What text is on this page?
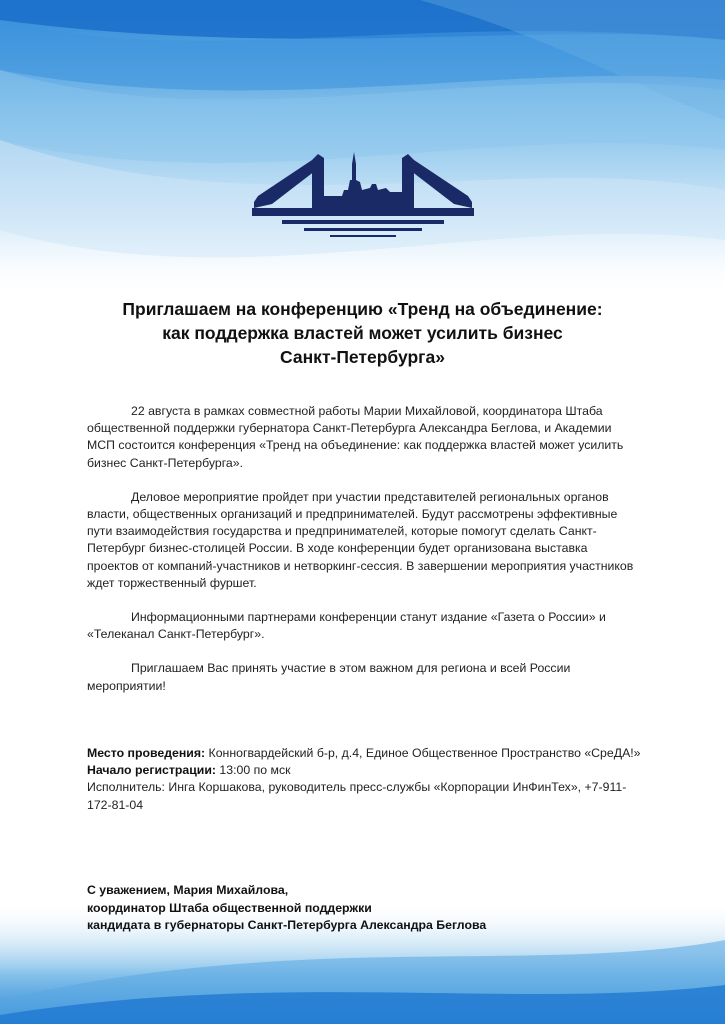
Приглашаем на конференцию «Тренд на объединение:
как поддержка властей может усилить бизнес
Санкт-Петербурга»

22 августа в рамках совместной работы Марии Михайловой, координатора Штаба общественной поддержки губернатора Санкт-Петербурга Александра Беглова, и Академии МСП состоится конференция «Тренд на объединение: как поддержка властей может усилить бизнес Санкт-Петербурга».

Деловое мероприятие пройдет при участии представителей региональных органов власти, общественных организаций и предпринимателей. Будут рассмотрены эффективные пути взаимодействия государства и предпринимателей, которые помогут сделать Санкт-Петербург бизнес-столицей России. В ходе конференции будет организована выставка проектов от компаний-участников и нетворкинг-сессия. В завершении мероприятия участников ждет торжественный фуршет.

Информационными партнерами конференции станут издание «Газета о России» и «Телеканал Санкт-Петербург».

Приглашаем Вас принять участие в этом важном для региона и всей России мероприятии!

Место проведения: Конногвардейский б-р, д.4, Единое Общественное Пространство «СреДА!»
Начало регистрации: 13:00 по мск
Исполнитель: Инга Коршакова, руководитель пресс-службы «Корпорации ИнФинТех», +7-911-172-81-04
С уважением, Мария Михайлова,
координатор Штаба общественной поддержки
кандидата в губернаторы Санкт-Петербурга Александра Беглова
